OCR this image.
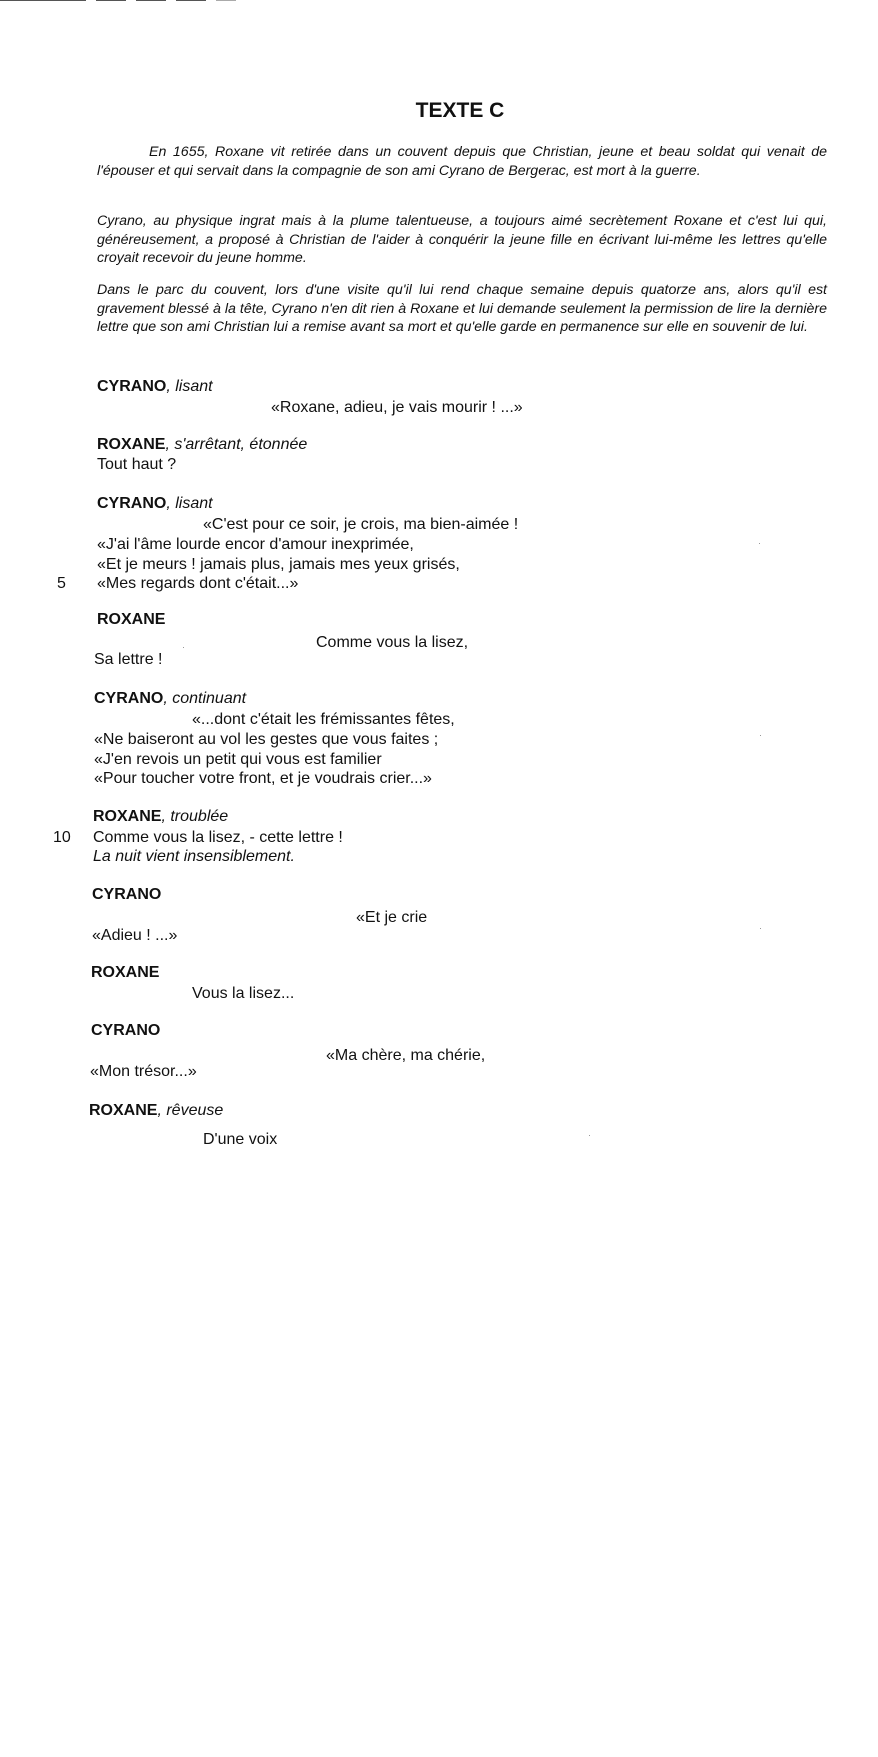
TEXTE C

En 1655, Roxane vit retirée dans un couvent depuis que Christian, jeune et beau soldat qui venait de l'épouser et qui servait dans la compagnie de son ami Cyrano de Bergerac, est mort à la guerre.

Cyrano, au physique ingrat mais à la plume talentueuse, a toujours aimé secrètement Roxane et c'est lui qui, généreusement, a proposé à Christian de l'aider à conquérir la jeune fille en écrivant lui-même les lettres qu'elle croyait recevoir du jeune homme.

Dans le parc du couvent, lors d'une visite qu'il lui rend chaque semaine depuis quatorze ans, alors qu'il est gravement blessé à la tête, Cyrano n'en dit rien à Roxane et lui demande seulement la permission de lire la dernière lettre que son ami Christian lui a remise avant sa mort et qu'elle garde en permanence sur elle en souvenir de lui.

CYRANO, lisant

«Roxane, adieu, je vais mourir ! ...»

ROXANE, s'arrêtant, étonnée

Tout haut ?

CYRANO, lisant

«C'est pour ce soir, je crois, ma bien-aimée !

«J'ai l'âme lourde encor d'amour inexprimée,

«Et je meurs ! jamais plus, jamais mes yeux grisés,

5 «Mes regards dont c'était...»

ROXANE

Comme vous la lisez,

Sa lettre !

CYRANO, continuant

«...dont c'était les frémissantes fêtes,

«Ne baiseront au vol les gestes que vous faites ;

«J'en revois un petit qui vous est familier

«Pour toucher votre front, et je voudrais crier...»

ROXANE, troublée

10 Comme vous la lisez, - cette lettre !

La nuit vient insensiblement.

CYRANO

«Et je crie

«Adieu ! ...»

ROXANE

Vous la lisez...

CYRANO

«Ma chère, ma chérie,

«Mon trésor...»

ROXANE, rêveuse

D'une voix
